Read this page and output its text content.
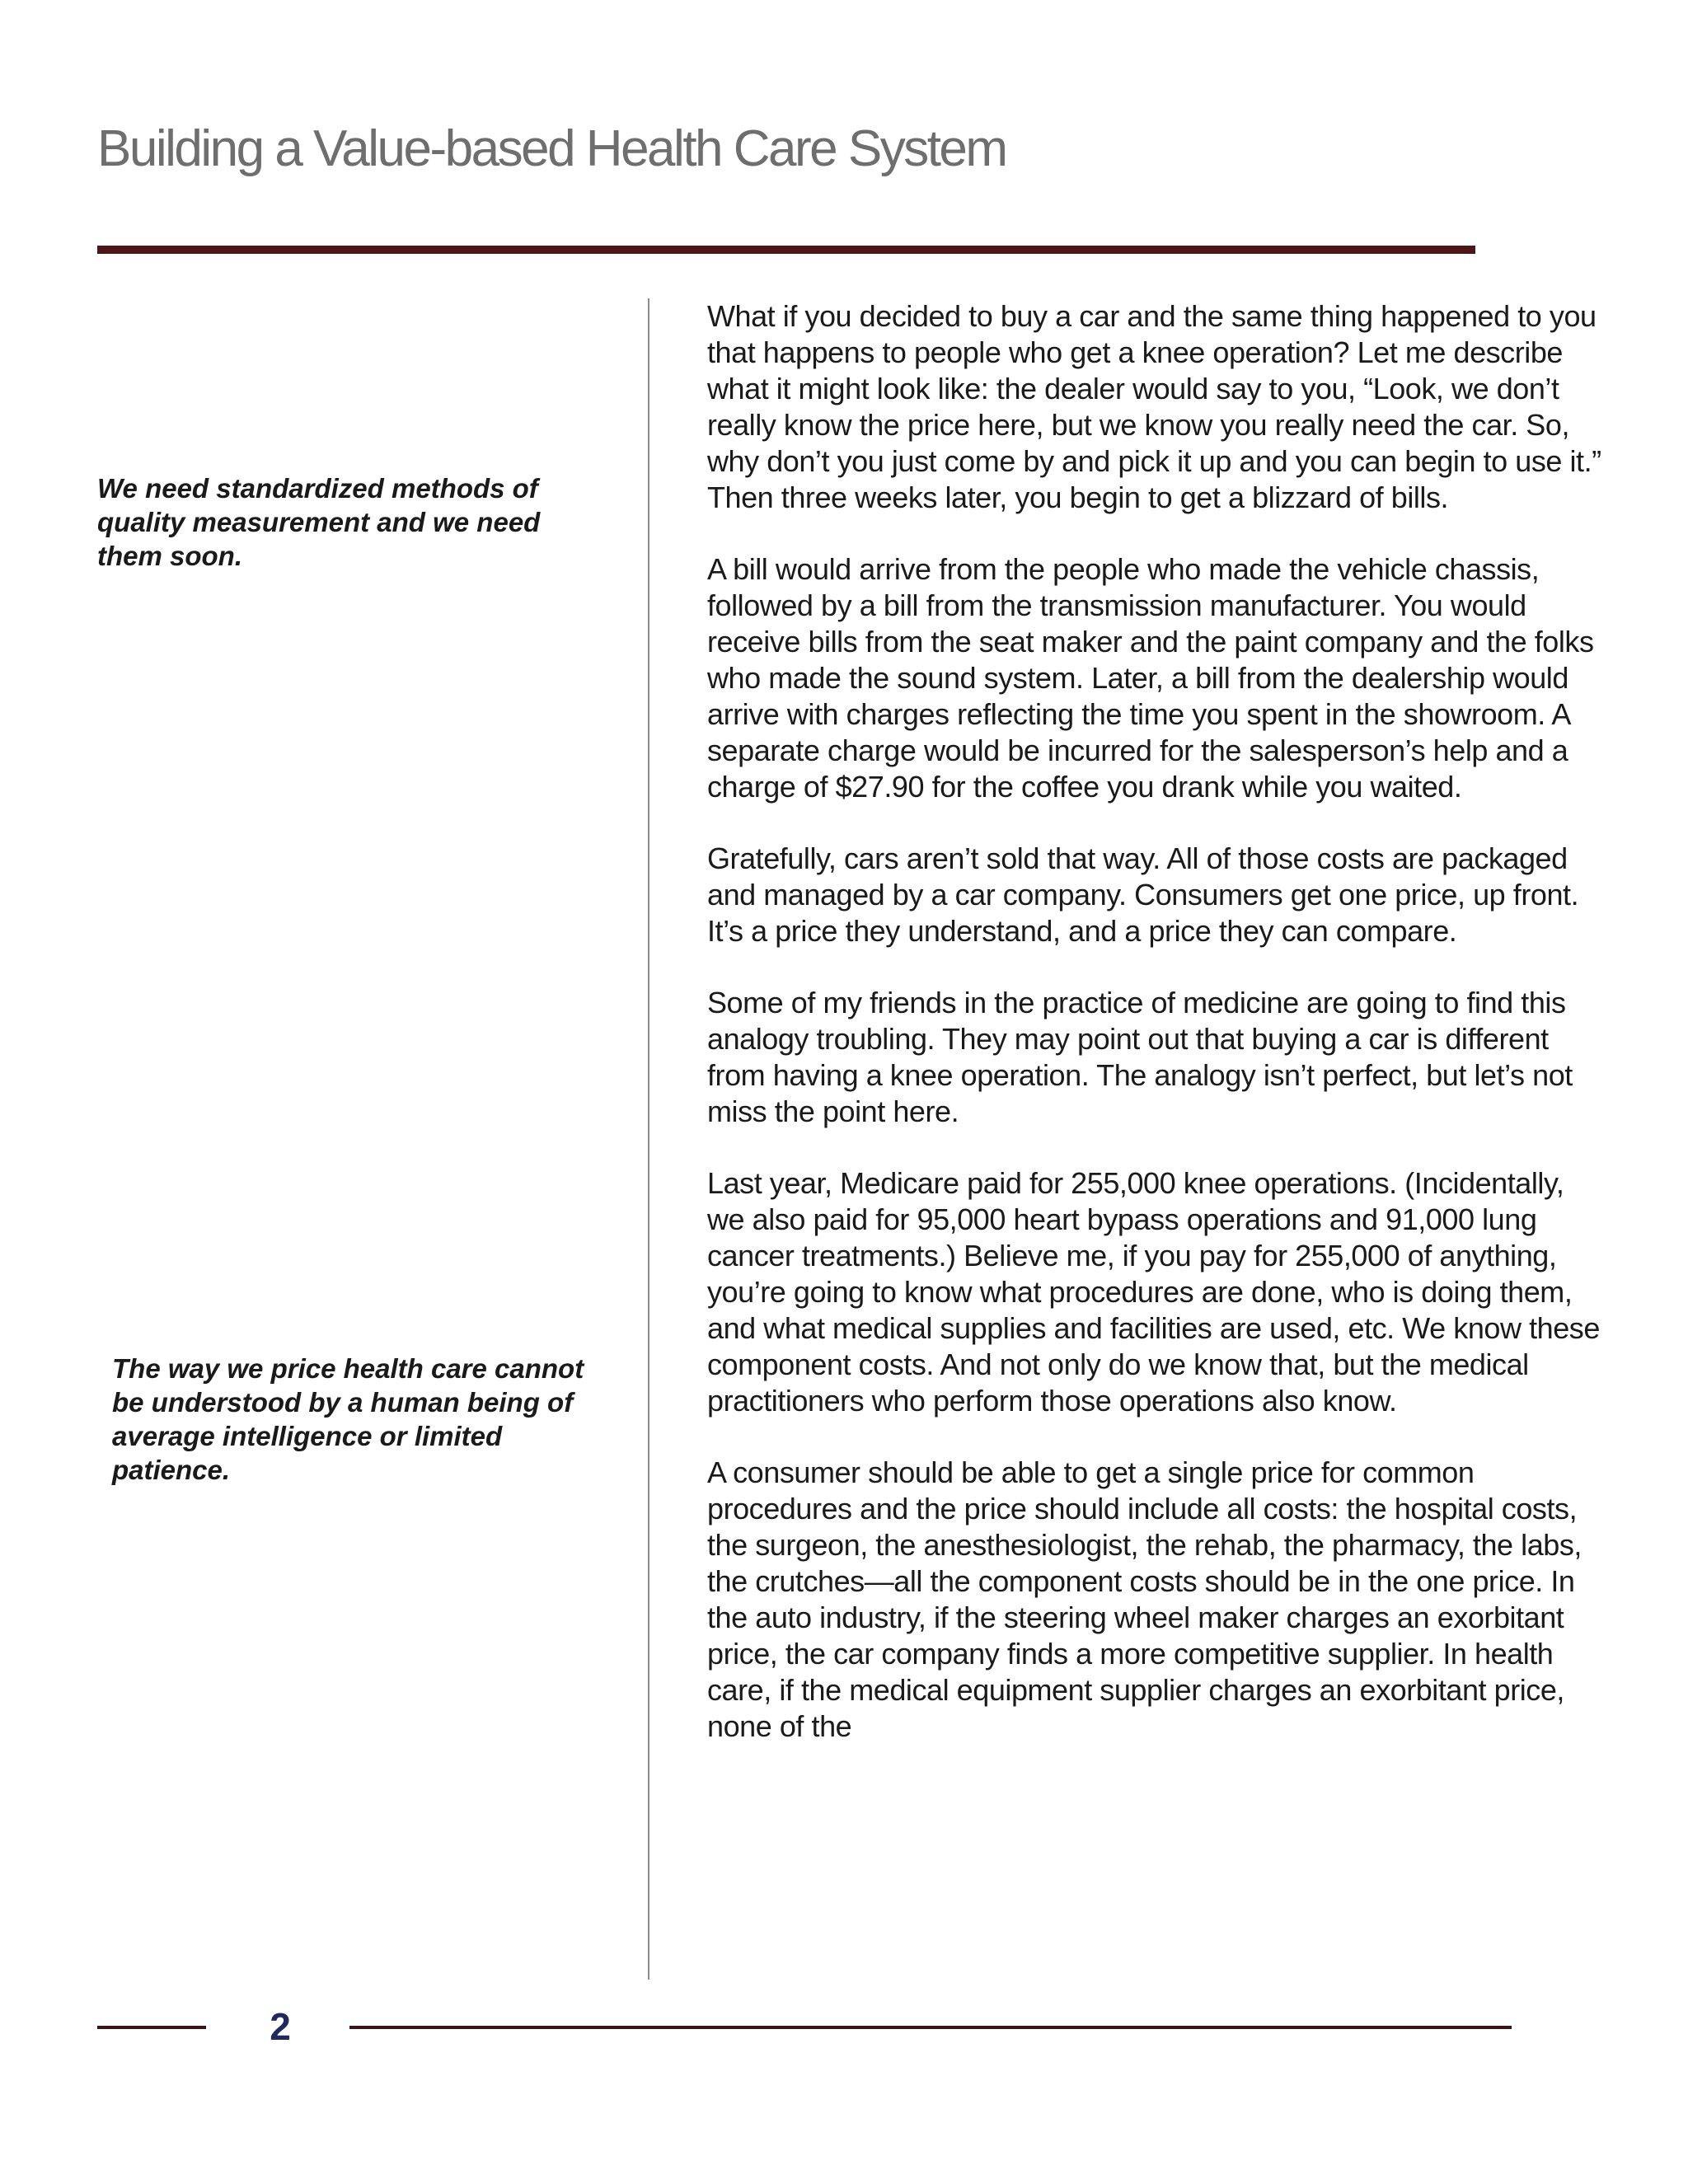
Building a Value-based Health Care System

We need standardized methods of quality measurement and we need them soon.

The way we price health care cannot be understood by a human being of average intelligence or limited patience.

What if you decided to buy a car and the same thing happened to you that happens to people who get a knee operation? Let me describe what it might look like: the dealer would say to you, “Look, we don’t really know the price here, but we know you really need the car. So, why don’t you just come by and pick it up and you can begin to use it.” Then three weeks later, you begin to get a blizzard of bills.

A bill would arrive from the people who made the vehicle chassis, followed by a bill from the transmission manufacturer. You would receive bills from the seat maker and the paint company and the folks who made the sound system. Later, a bill from the dealership would arrive with charges reflecting the time you spent in the showroom. A separate charge would be incurred for the salesperson’s help and a charge of $27.90 for the coffee you drank while you waited.

Gratefully, cars aren’t sold that way. All of those costs are packaged and managed by a car company. Consumers get one price, up front. It’s a price they understand, and a price they can compare.

Some of my friends in the practice of medicine are going to find this analogy troubling. They may point out that buying a car is different from having a knee operation. The analogy isn’t perfect, but let’s not miss the point here.

Last year, Medicare paid for 255,000 knee operations. (Incidentally, we also paid for 95,000 heart bypass operations and 91,000 lung cancer treatments.) Believe me, if you pay for 255,000 of anything, you’re going to know what procedures are done, who is doing them, and what medical supplies and facilities are used, etc. We know these component costs. And not only do we know that, but the medical practitioners who perform those operations also know.

A consumer should be able to get a single price for common procedures and the price should include all costs: the hospital costs, the surgeon, the anesthesiologist, the rehab, the pharmacy, the labs, the crutches—all the component costs should be in the one price. In the auto industry, if the steering wheel maker charges an exorbitant price, the car company finds a more competitive supplier. In health care, if the medical equipment supplier charges an exorbitant price, none of the

2
